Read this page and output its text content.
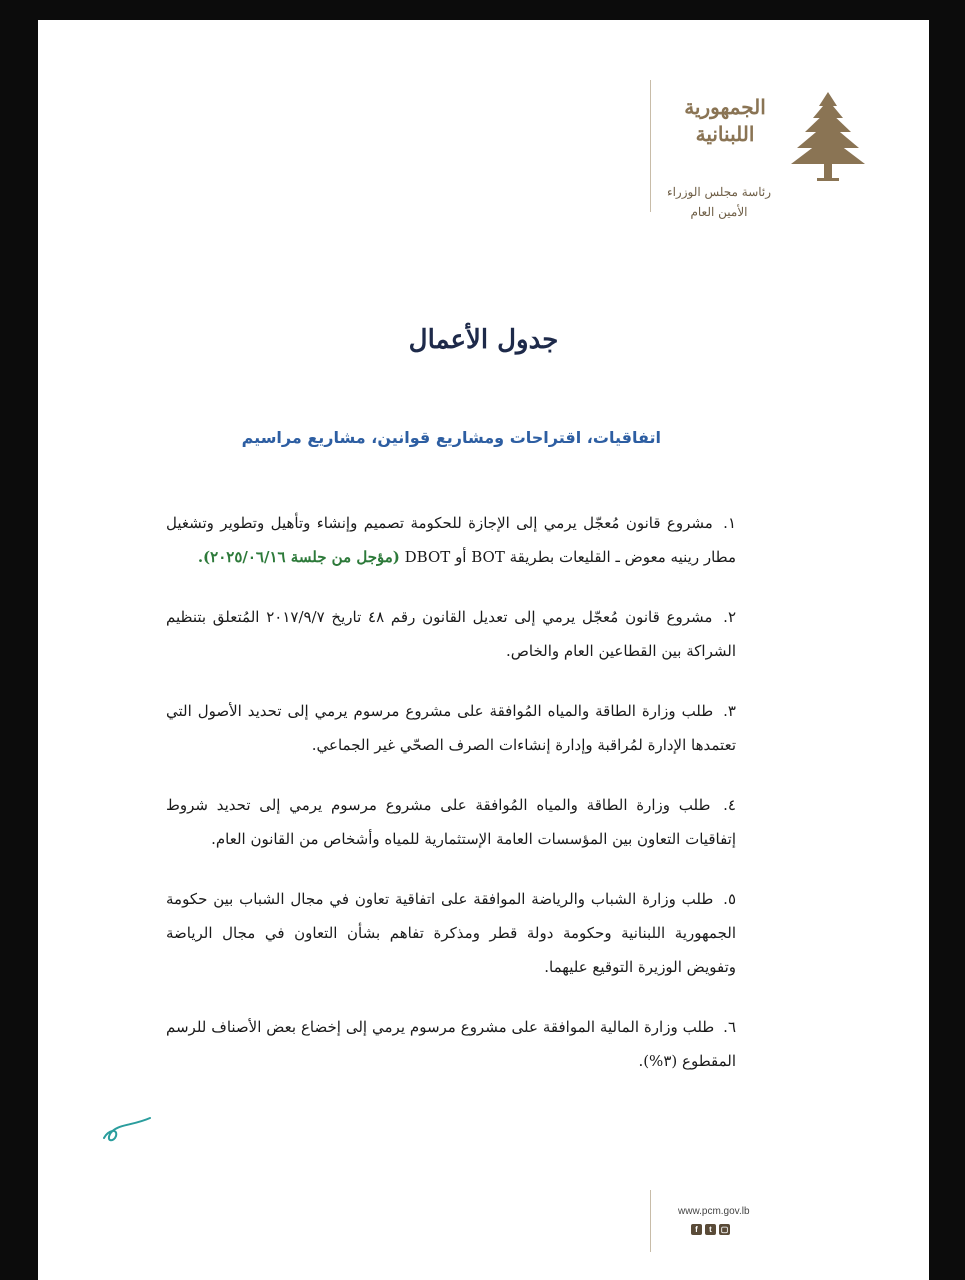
الجمهورية اللبنانية
رئاسة مجلس الوزراء
الأمين العام
جدول الأعمال
اتفاقيات، اقتراحات ومشاريع قوانين، مشاريع مراسيم
١. مشروع قانون مُعجّل يرمي إلى الإجازة للحكومة تصميم وإنشاء وتأهيل وتطوير وتشغيل مطار رينيه معوض ـ القليعات بطريقة BOT أو DBOT (مؤجل من جلسة ٢٠٢٥/٠٦/١٦).
٢. مشروع قانون مُعجّل يرمي إلى تعديل القانون رقم ٤٨ تاريخ ٢٠١٧/٩/٧ المُتعلق بتنظيم الشراكة بين القطاعين العام والخاص.
٣. طلب وزارة الطاقة والمياه المُوافقة على مشروع مرسوم يرمي إلى تحديد الأصول التي تعتمدها الإدارة لمُراقبة وإدارة إنشاءات الصرف الصحّي غير الجماعي.
٤. طلب وزارة الطاقة والمياه المُوافقة على مشروع مرسوم يرمي إلى تحديد شروط إتفاقيات التعاون بين المؤسسات العامة الإستثمارية للمياه وأشخاص من القانون العام.
٥. طلب وزارة الشباب والرياضة الموافقة على اتفاقية تعاون في مجال الشباب بين حكومة الجمهورية اللبنانية وحكومة دولة قطر ومذكرة تفاهم بشأن التعاون في مجال الرياضة وتفويض الوزيرة التوقيع عليهما.
٦. طلب وزارة المالية الموافقة على مشروع مرسوم يرمي إلى إخضاع بعض الأصناف للرسم المقطوع (٣%).
www.pcm.gov.lb
f	t	▢
